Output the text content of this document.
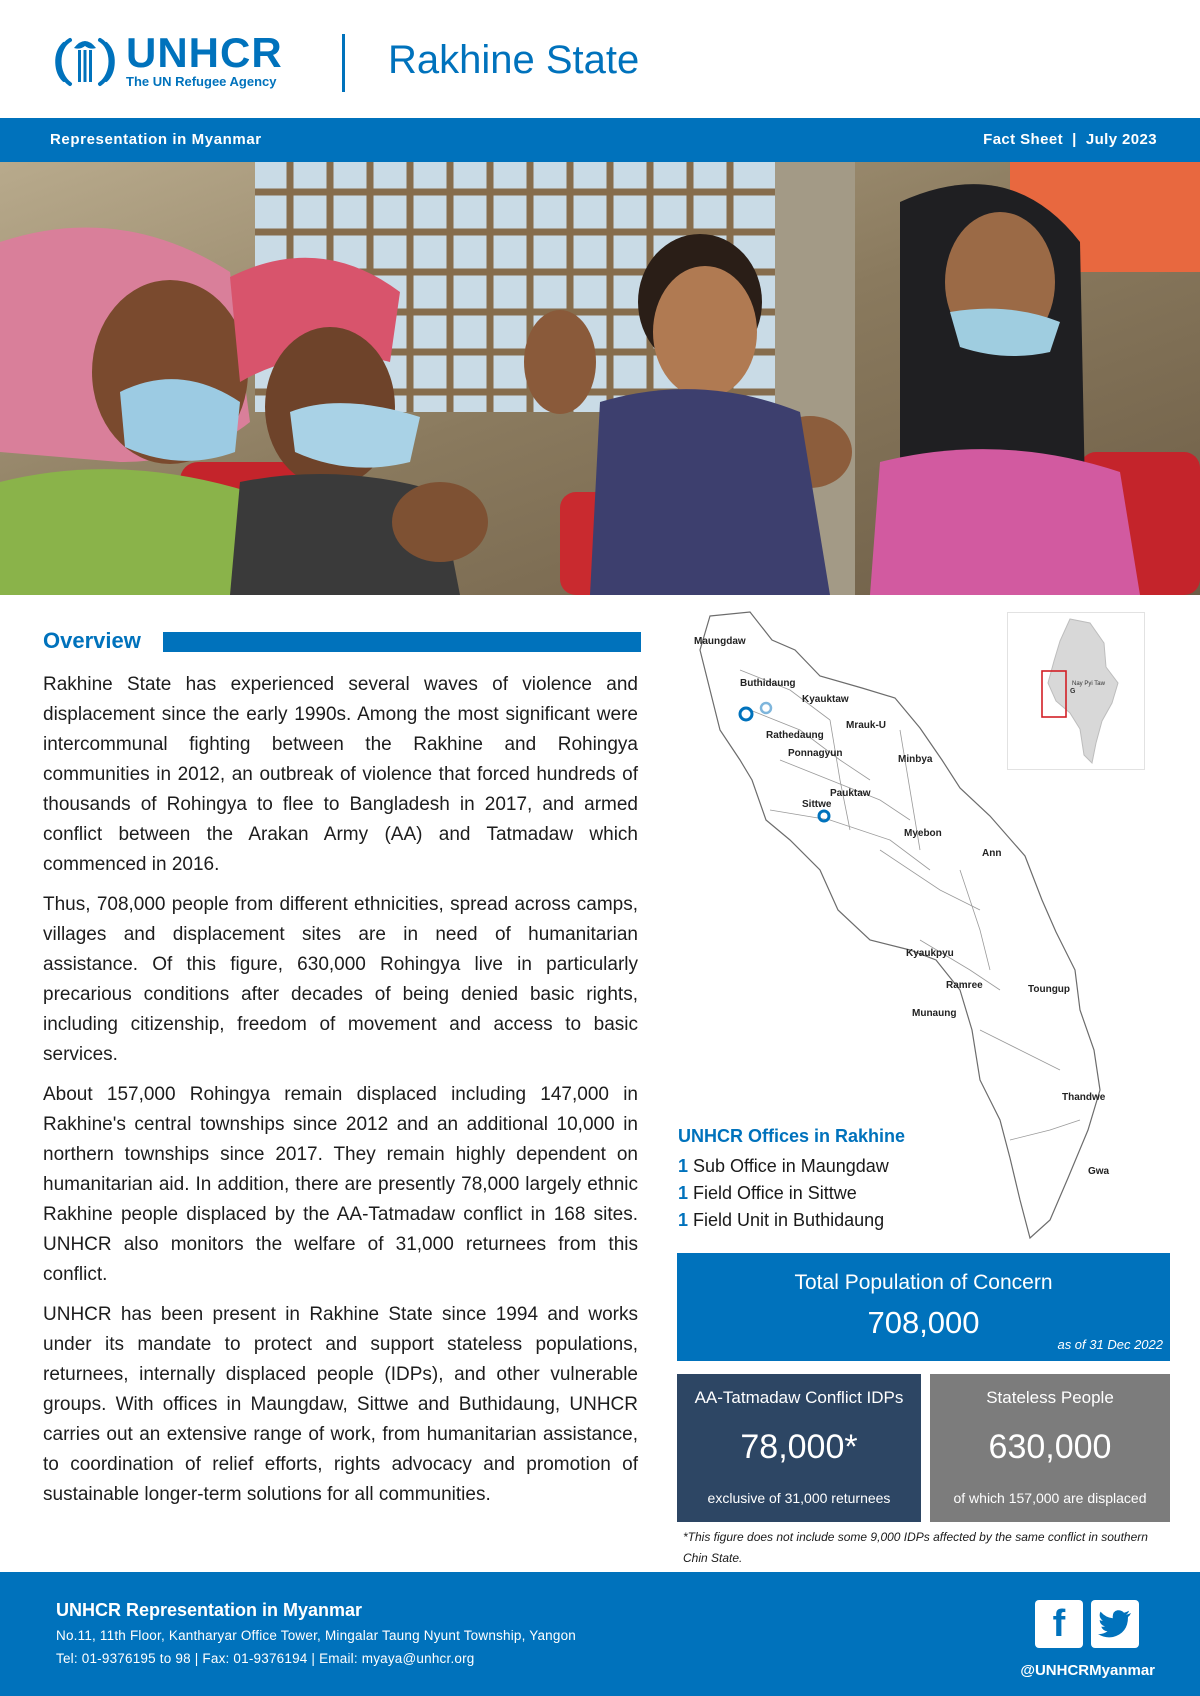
UNHCR
The UN Refugee Agency	Rakhine State
Representation in Myanmar	Fact Sheet  |  July 2023
Overview

Rakhine State has experienced several waves of violence and displacement since the early 1990s. Among the most significant were intercommunal fighting between the Rakhine and Rohingya communities in 2012, an outbreak of violence that forced hundreds of thousands of Rohingya to flee to Bangladesh in 2017, and armed conflict between the Arakan Army (AA) and Tatmadaw which commenced in 2016.

Thus, 708,000 people from different ethnicities, spread across camps, villages and displacement sites are in need of humanitarian assistance. Of this figure, 630,000 Rohingya live in particularly precarious conditions after decades of being denied basic rights, including citizenship, freedom of movement and access to basic services.

About 157,000 Rohingya remain displaced including 147,000 in Rakhine's central townships since 2012 and an additional 10,000 in northern townships since 2017. They remain highly dependent on humanitarian aid. In addition, there are presently 78,000 largely ethnic Rakhine people displaced by the AA-Tatmadaw conflict in 168 sites. UNHCR also monitors the welfare of 31,000 returnees from this conflict.

UNHCR has been present in Rakhine State since 1994 and works under its mandate to protect and support stateless populations, returnees, internally displaced people (IDPs), and other vulnerable groups. With offices in Maungdaw, Sittwe and Buthidaung, UNHCR carries out an extensive range of work, from humanitarian assistance, to coordination of relief efforts, rights advocacy and promotion of sustainable longer-term solutions for all communities.

Maungdaw
Buthidaung
Kyauktaw
Rathedaung
Mrauk-U
Ponnagyun
Minbya
Pauktaw
Sittwe
Myebon
Ann
Kyaukpyu
Ramree	Toungup
Munaung
Thandwe
Gwa
Nay Pyi Taw
G
UNHCR Offices in Rakhine
1 Sub Office in Maungdaw
1 Field Office in Sittwe
1 Field Unit in Buthidaung
Total Population of Concern
708,000
as of 31 Dec 2022
AA-Tatmadaw Conflict IDPs
78,000*
exclusive of 31,000 returnees
Stateless People
630,000
of which 157,000 are displaced
*This figure does not include some 9,000 IDPs affected by the same conflict in southern Chin State.
UNHCR Representation in Myanmar
No.11, 11th Floor, Kantharyar Office Tower, Mingalar Taung Nyunt Township, Yangon
Tel: 01-9376195 to 98 | Fax: 01-9376194 | Email: myaya@unhcr.org
f
@UNHCRMyanmar
